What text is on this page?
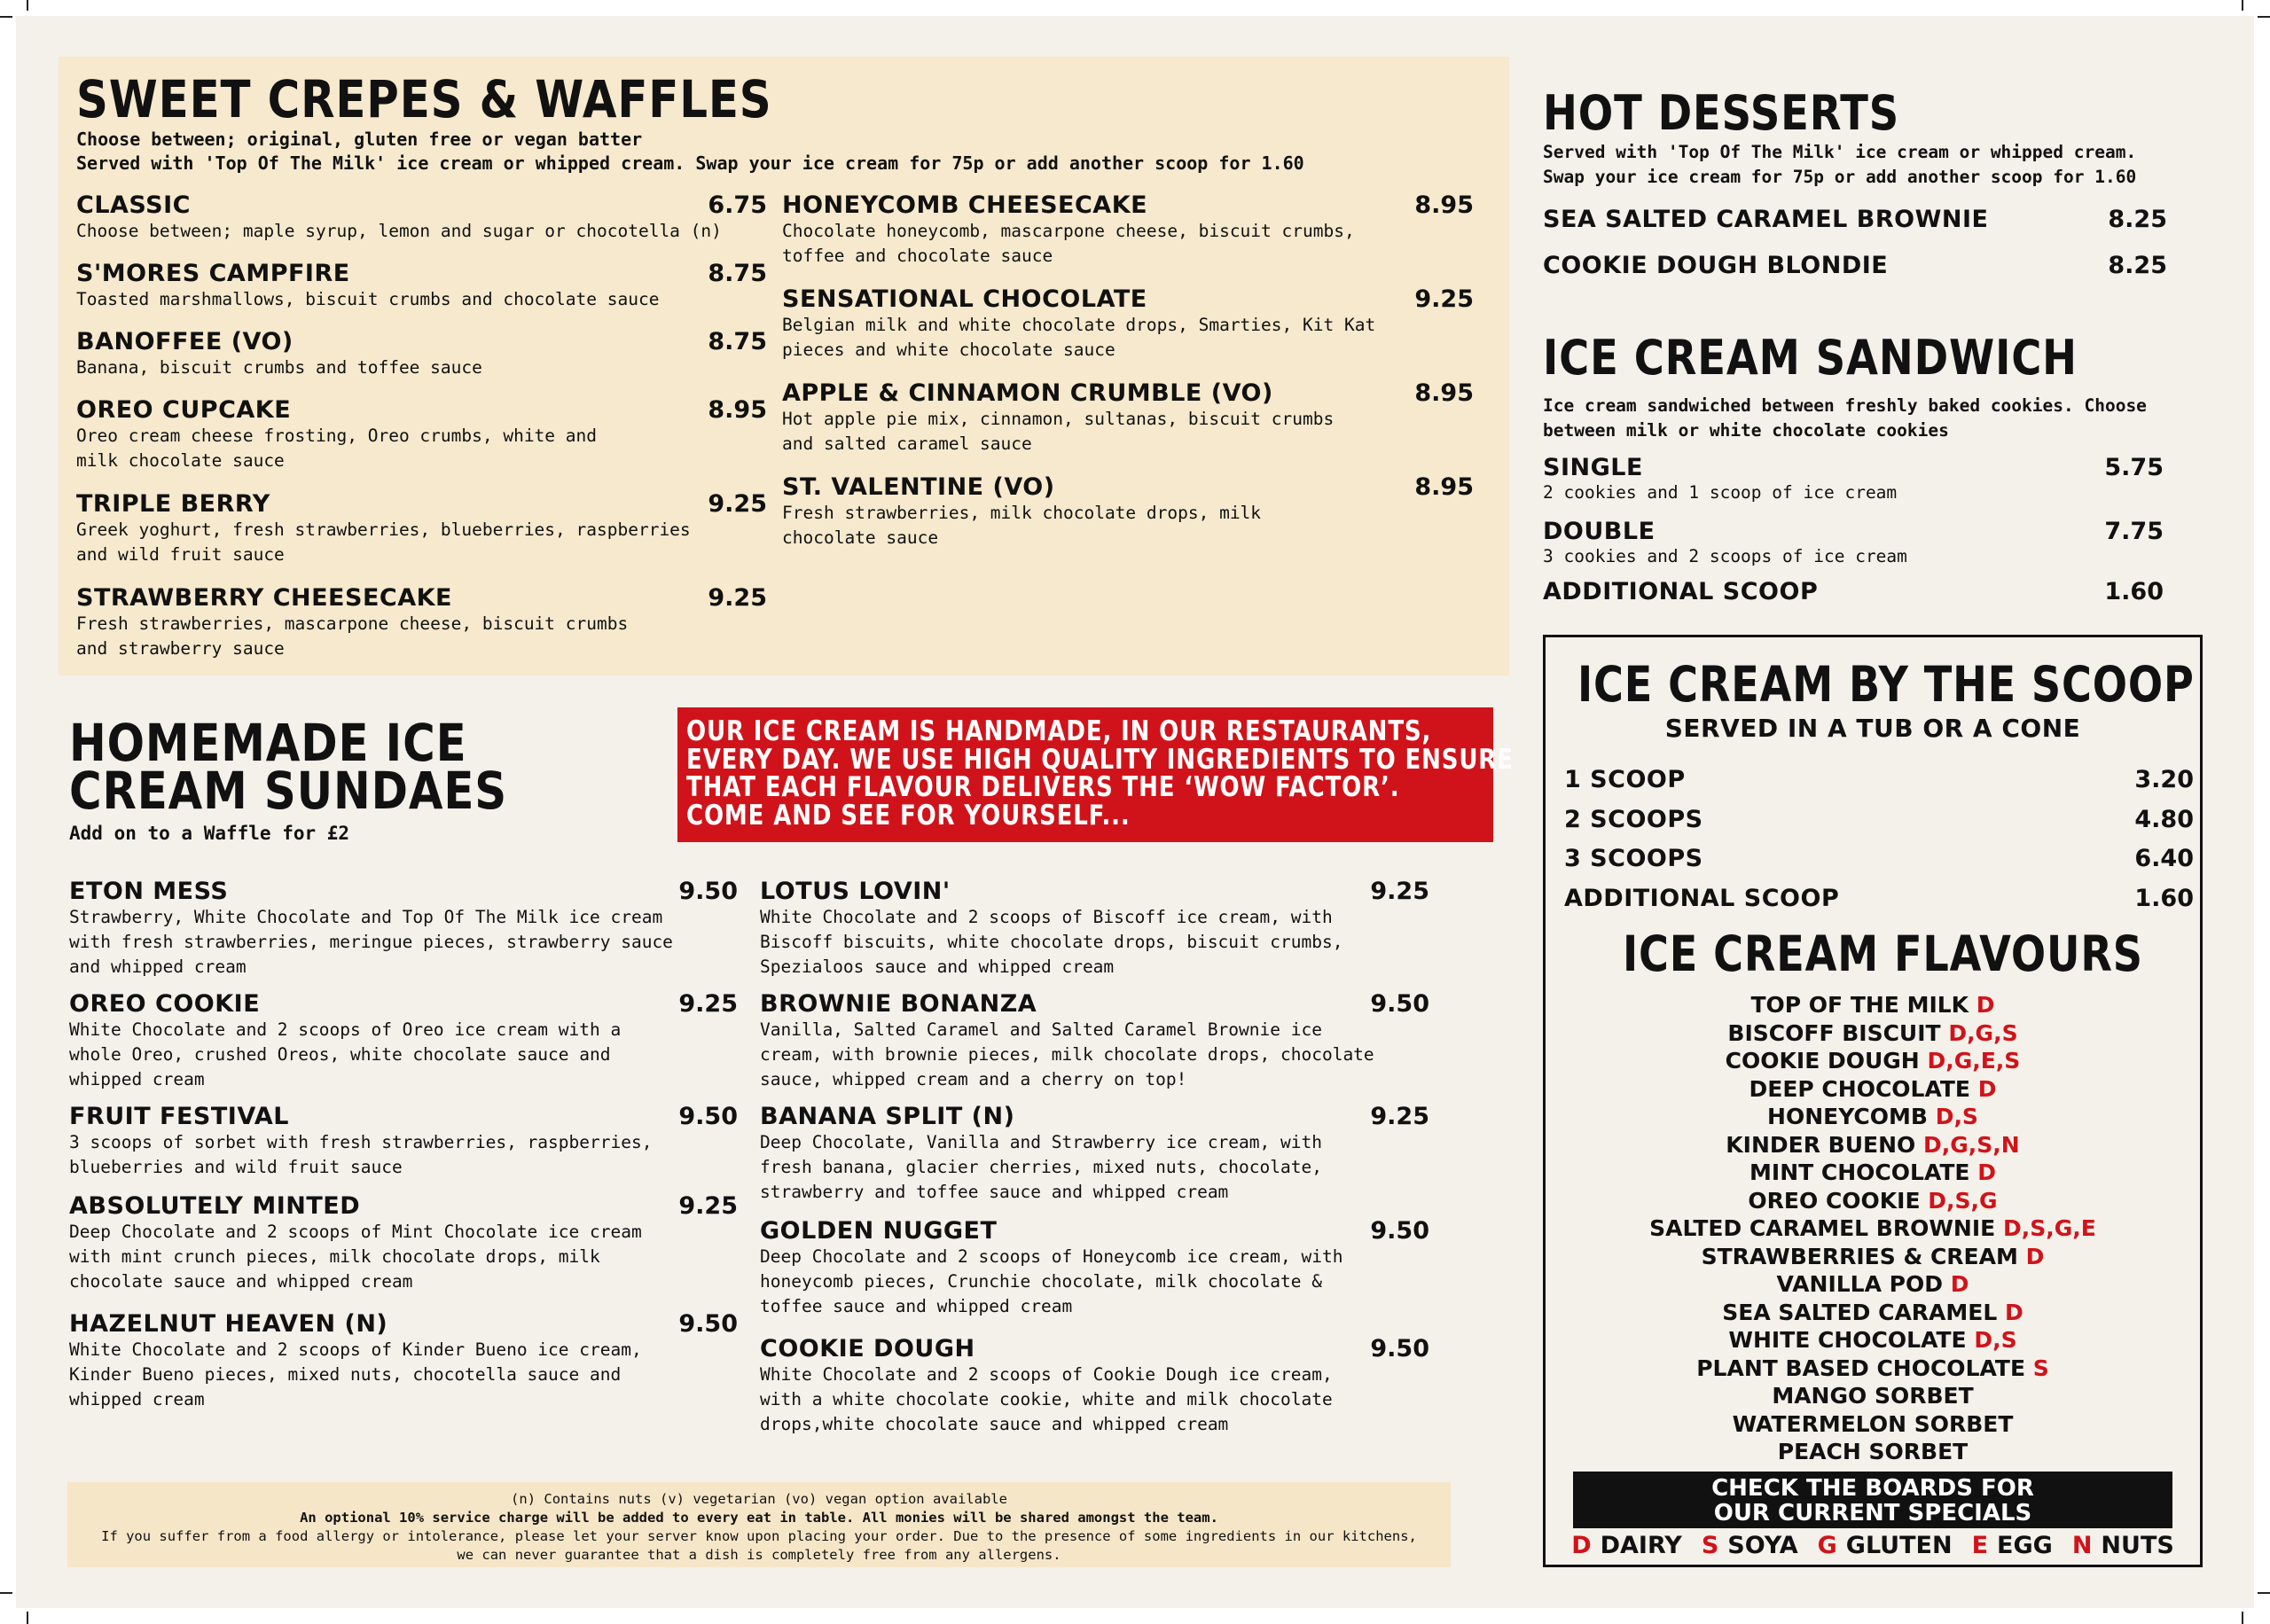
SWEET CREPES & WAFFLES
Choose between; original, gluten free or vegan batter
Served with 'Top Of The Milk' ice cream or whipped cream. Swap your ice cream for 75p or add another scoop for 1.60
CLASSIC
Choose between; maple syrup, lemon and sugar or chocotella (n)
6.75
S'MORES CAMPFIRE
Toasted marshmallows, biscuit crumbs and chocolate sauce
8.75
BANOFFEE (VO)
Banana, biscuit crumbs and toffee sauce
8.75
OREO CUPCAKE
Oreo cream cheese frosting, Oreo crumbs, white and
milk chocolate sauce
8.95
TRIPLE BERRY
Greek yoghurt, fresh strawberries, blueberries, raspberries
and wild fruit sauce
9.25
STRAWBERRY CHEESECAKE
Fresh strawberries, mascarpone cheese, biscuit crumbs
and strawberry sauce
9.25
HONEYCOMB CHEESECAKE
Chocolate honeycomb, mascarpone cheese, biscuit crumbs,
toffee and chocolate sauce
8.95
SENSATIONAL CHOCOLATE
Belgian milk and white chocolate drops, Smarties, Kit Kat
pieces and white chocolate sauce
9.25
APPLE & CINNAMON CRUMBLE (VO)
Hot apple pie mix, cinnamon, sultanas, biscuit crumbs
and salted caramel sauce
8.95
ST. VALENTINE (VO)
Fresh strawberries, milk chocolate drops, milk
chocolate sauce
8.95
HOMEMADE ICE
CREAM SUNDAES
Add on to a Waffle for £2
OUR ICE CREAM IS HANDMADE, IN OUR RESTAURANTS,
EVERY DAY. WE USE HIGH QUALITY INGREDIENTS TO ENSURE
THAT EACH FLAVOUR DELIVERS THE ‘WOW FACTOR’.
COME AND SEE FOR YOURSELF...
ETON MESS
Strawberry, White Chocolate and Top Of The Milk ice cream
with fresh strawberries, meringue pieces, strawberry sauce
and whipped cream
9.50
OREO COOKIE
White Chocolate and 2 scoops of Oreo ice cream with a
whole Oreo, crushed Oreos, white chocolate sauce and
whipped cream
9.25
FRUIT FESTIVAL
3 scoops of sorbet with fresh strawberries, raspberries,
blueberries and wild fruit sauce
9.50
ABSOLUTELY MINTED
Deep Chocolate and 2 scoops of Mint Chocolate ice cream
with mint crunch pieces, milk chocolate drops, milk
chocolate sauce and whipped cream
9.25
HAZELNUT HEAVEN (N)
White Chocolate and 2 scoops of Kinder Bueno ice cream,
Kinder Bueno pieces, mixed nuts, chocotella sauce and
whipped cream
9.50
LOTUS LOVIN'
White Chocolate and 2 scoops of Biscoff ice cream, with
Biscoff biscuits, white chocolate drops, biscuit crumbs,
Spezialoos sauce and whipped cream
9.25
BROWNIE BONANZA
Vanilla, Salted Caramel and Salted Caramel Brownie ice
cream, with brownie pieces, milk chocolate drops, chocolate
sauce, whipped cream and a cherry on top!
9.50
BANANA SPLIT (N)
Deep Chocolate, Vanilla and Strawberry ice cream, with
fresh banana, glacier cherries, mixed nuts, chocolate,
strawberry and toffee sauce and whipped cream
9.25
GOLDEN NUGGET
Deep Chocolate and 2 scoops of Honeycomb ice cream, with
honeycomb pieces, Crunchie chocolate, milk chocolate &
toffee sauce and whipped cream
9.50
COOKIE DOUGH
White Chocolate and 2 scoops of Cookie Dough ice cream,
with a white chocolate cookie, white and milk chocolate
drops,white chocolate sauce and whipped cream
9.50
(n) Contains nuts (v) vegetarian (vo) vegan option available
An optional 10% service charge will be added to every eat in table. All monies will be shared amongst the team.
If you suffer from a food allergy or intolerance, please let your server know upon placing your order. Due to the presence of some ingredients in our kitchens,
we can never guarantee that a dish is completely free from any allergens.
HOT DESSERTS
Served with 'Top Of The Milk' ice cream or whipped cream.
Swap your ice cream for 75p or add another scoop for 1.60
SEA SALTED CARAMEL BROWNIE	8.25
COOKIE DOUGH BLONDIE	8.25
ICE CREAM SANDWICH
Ice cream sandwiched between freshly baked cookies. Choose
between milk or white chocolate cookies
SINGLE	5.75
2 cookies and 1 scoop of ice cream
DOUBLE	7.75
3 cookies and 2 scoops of ice cream
ADDITIONAL SCOOP	1.60
ICE CREAM BY THE SCOOP
SERVED IN A TUB OR A CONE
1 SCOOP	3.20
2 SCOOPS	4.80
3 SCOOPS	6.40
ADDITIONAL SCOOP	1.60
ICE CREAM FLAVOURS
TOP OF THE MILK D
BISCOFF BISCUIT D,G,S
COOKIE DOUGH D,G,E,S
DEEP CHOCOLATE D
HONEYCOMB D,S
KINDER BUENO D,G,S,N
MINT CHOCOLATE D
OREO COOKIE D,S,G
SALTED CARAMEL BROWNIE D,S,G,E
STRAWBERRIES & CREAM D
VANILLA POD D
SEA SALTED CARAMEL D
WHITE CHOCOLATE D,S
PLANT BASED CHOCOLATE S
MANGO SORBET
WATERMELON SORBET
PEACH SORBET
CHECK THE BOARDS FOR
OUR CURRENT SPECIALS
D DAIRY S SOYA G GLUTEN E EGG N NUTS
